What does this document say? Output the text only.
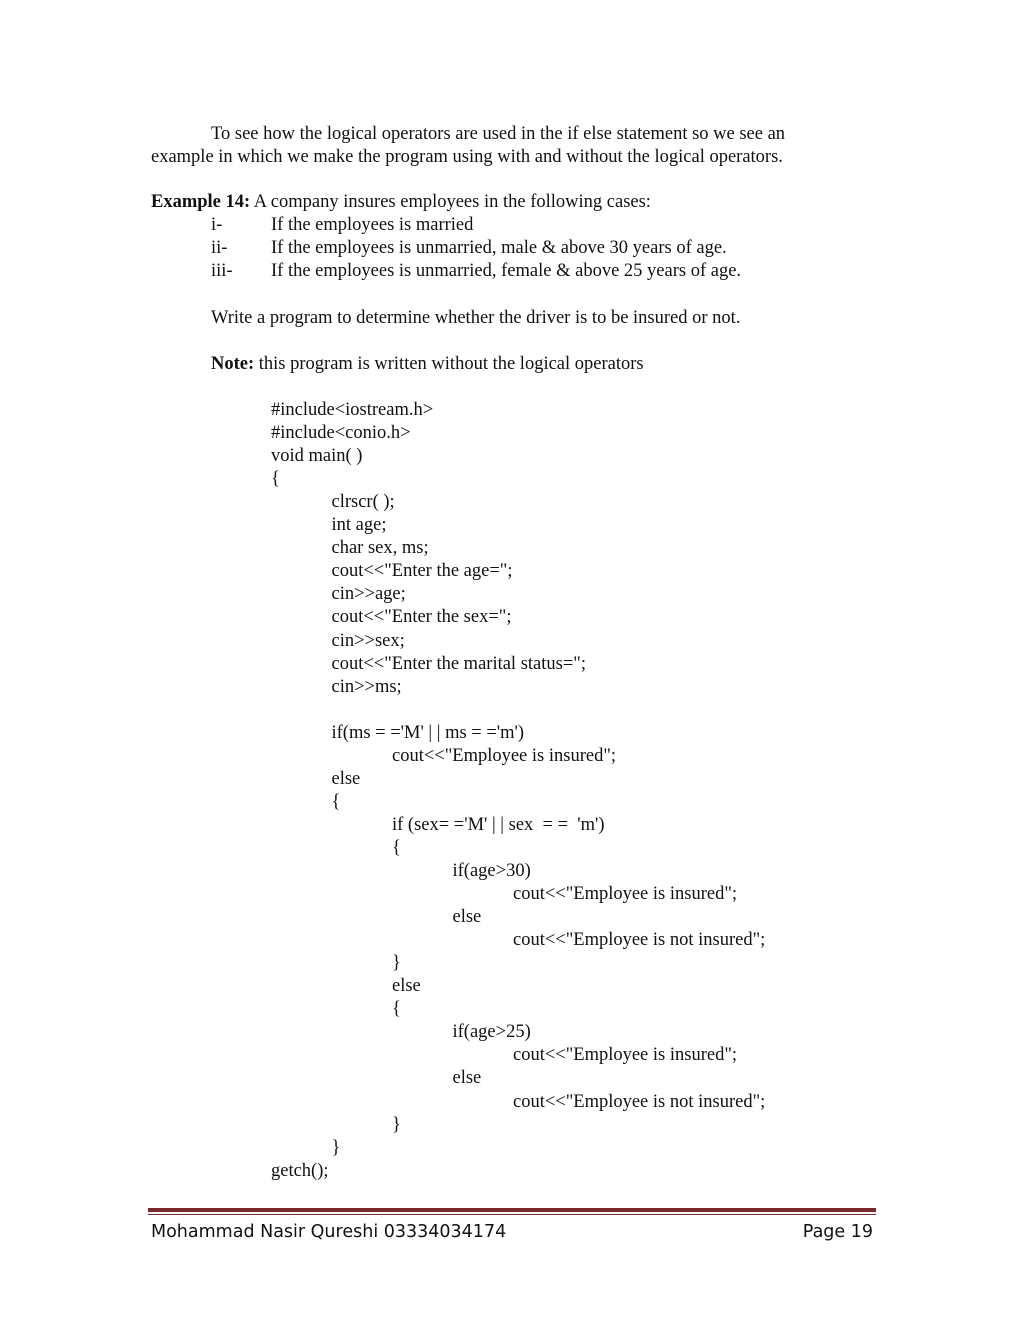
To see how the logical operators are used in the if else statement so we see an
example in which we make the program using with and without the logical operators.
Example 14: A company insures employees in the following cases:
i-	If the employees is married
ii- If the employees is unmarried, male & above 30 years of age.
iii- If the employees is unmarried, female & above 25 years of age.
Write a program to determine whether the driver is to be insured or not.
Note: this program is written without the logical operators
#include<iostream.h>
#include<conio.h>
void main( )
{
clrscr( );
int age;
char sex, ms;
cout<<"Enter the age=";
cin>>age;
cout<<"Enter the sex=";
cin>>sex;
cout<<"Enter the marital status=";
cin>>ms;
if(ms = ='M' | | ms = ='m')
cout<<"Employee is insured";
else
{
if (sex= ='M' | | sex  = =  'm')
{
if(age>30)
cout<<"Employee is insured";
else
cout<<"Employee is not insured";
}
else
{
if(age>25)
cout<<"Employee is insured";
else
cout<<"Employee is not insured";
}
}
getch();
Mohammad Nasir Qureshi 03334034174	Page 19
